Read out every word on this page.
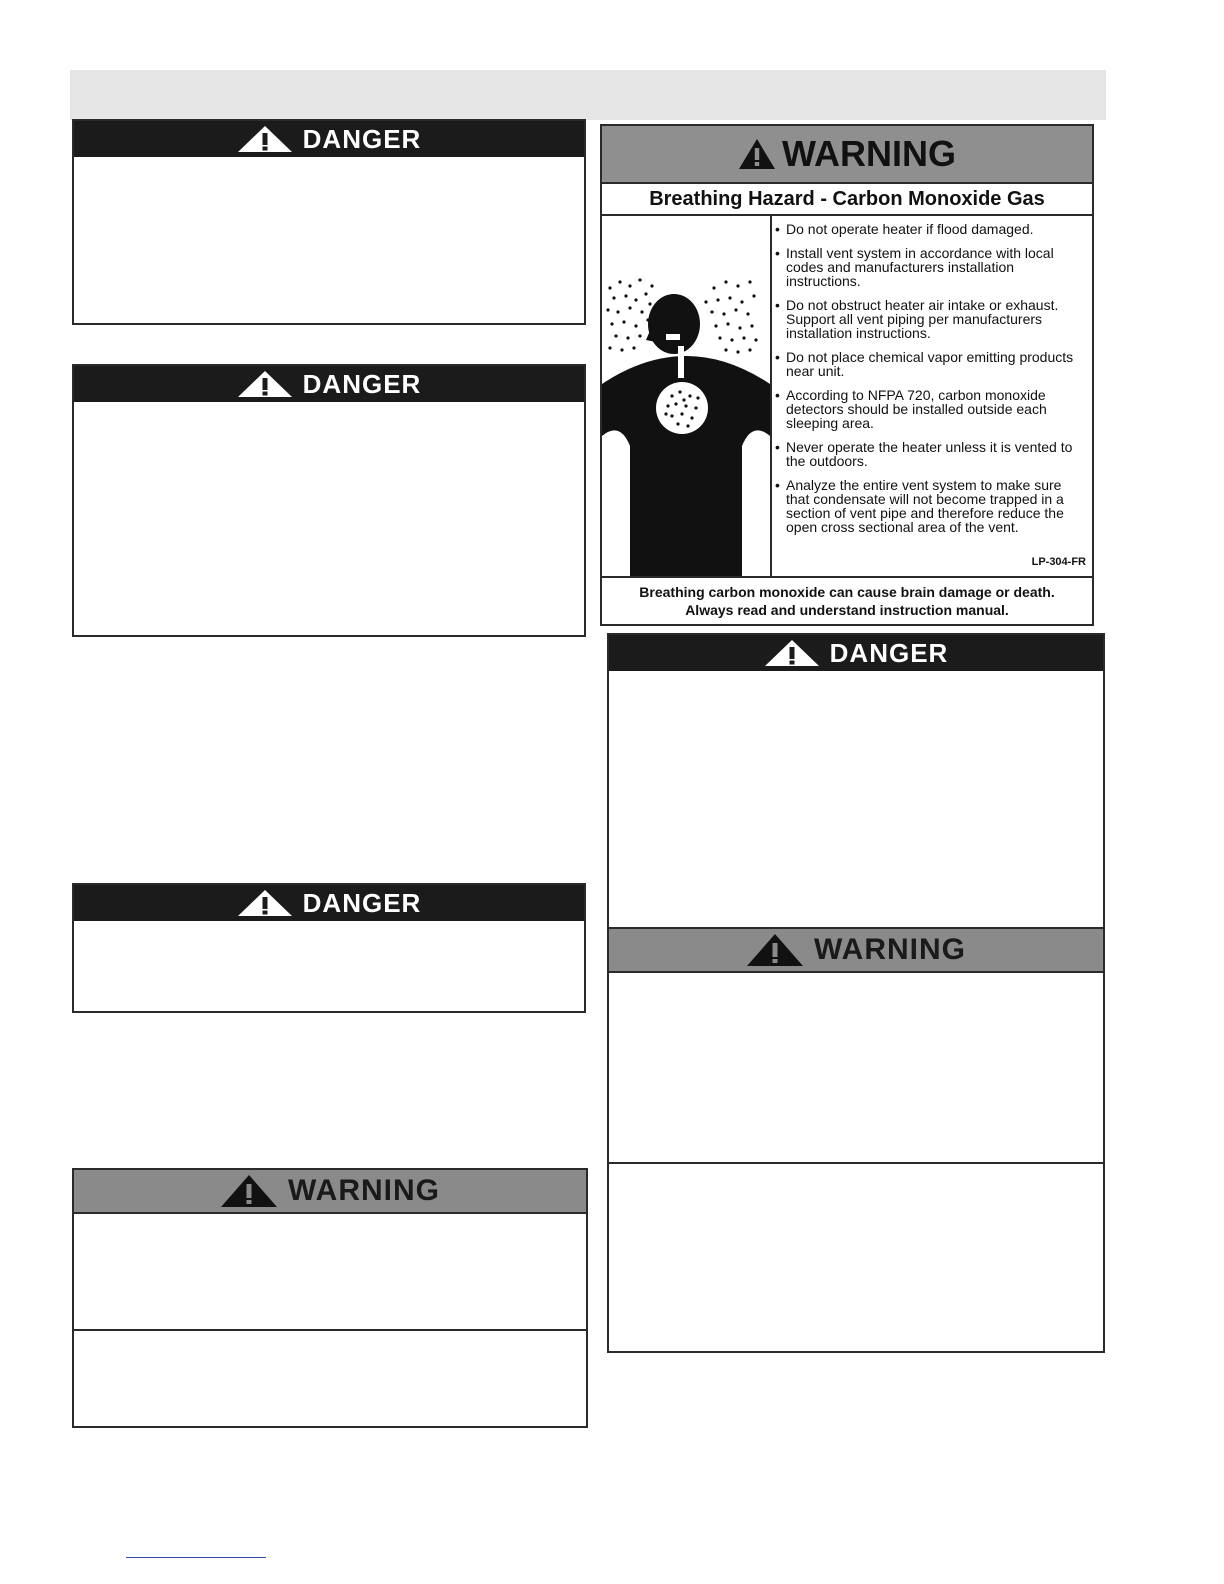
DANGER
DANGER
DANGER
WARNING
WARNING
Breathing Hazard - Carbon Monoxide Gas
• Do not operate heater if flood damaged.
• Install vent system in accordance with local codes and manufacturers installation instructions.
• Do not obstruct heater air intake or exhaust. Support all vent piping per manufacturers installation instructions.
• Do not place chemical vapor emitting products near unit.
• According to NFPA 720, carbon monoxide detectors should be installed outside each sleeping area.
• Never operate the heater unless it is vented to the outdoors.
• Analyze the entire vent system to make sure that condensate will not become trapped in a section of vent pipe and therefore reduce the open cross sectional area of the vent.
LP-304-FR
Breathing carbon monoxide can cause brain damage or death.
Always read and understand instruction manual.
DANGER
WARNING
